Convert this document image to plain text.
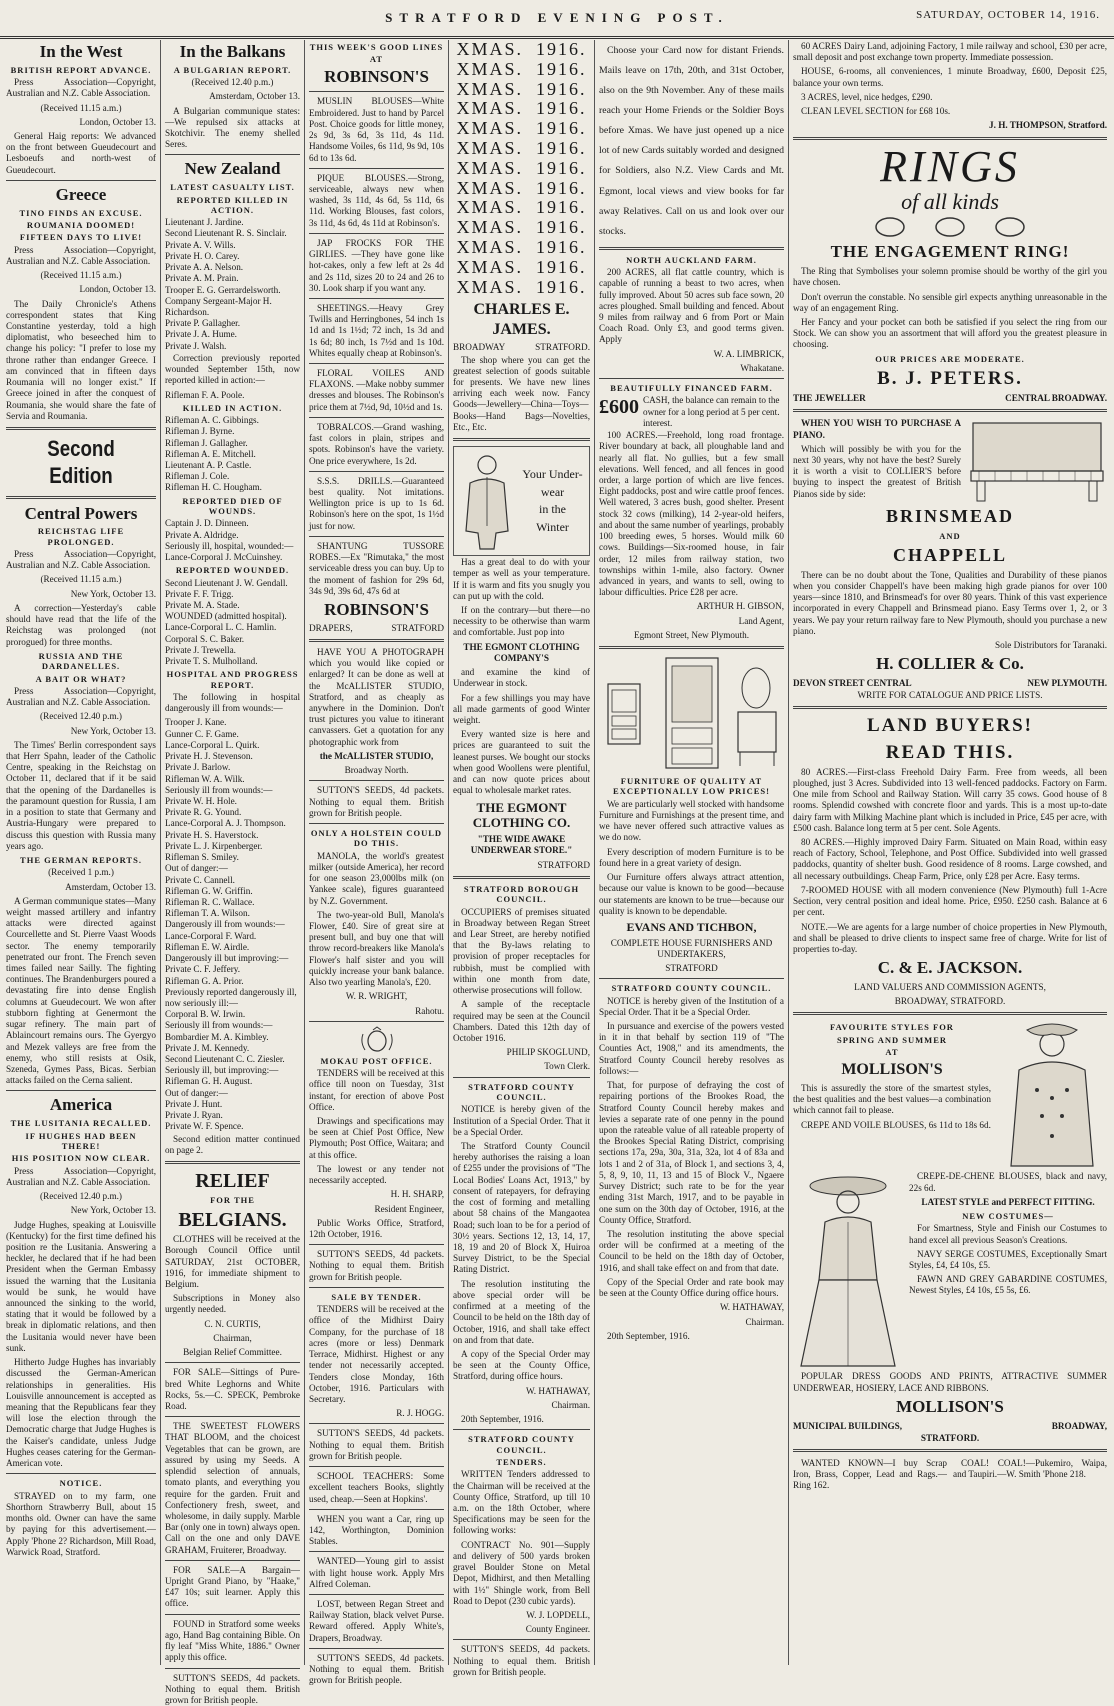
STRATFORD EVENING POST.	SATURDAY, OCTOBER 14, 1916.
In the West
BRITISH REPORT ADVANCE.

Press Association—Copyright, Australian and N.Z. Cable Association.

(Received 11.15 a.m.)

London, October 13.

General Haig reports: We advanced on the front between Gueudecourt and Lesboeufs and north-west of Gueudecourt.

Greece
TINO FINDS AN EXCUSE.
ROUMANIA DOOMED!
FIFTEEN DAYS TO LIVE!

Press Association—Copyright, Australian and N.Z. Cable Association.

(Received 11.15 a.m.)

London, October 13.

The Daily Chronicle's Athens correspondent states that King Constantine yesterday, told a high diplomatist, who beseeched him to change his policy: "I prefer to lose my throne rather than endanger Greece. I am convinced that in fifteen days Roumania will no longer exist." If Greece joined in after the conquest of Roumania, she would share the fate of Servia and Roumania.

Second Edition
Central Powers
REICHSTAG LIFE PROLONGED.

Press Association—Copyright, Australian and N.Z. Cable Association.

(Received 11.15 a.m.)

New York, October 13.

A correction—Yesterday's cable should have read that the life of the Reichstag was prolonged (not prorogued) for three months.

RUSSIA AND THE DARDANELLES.
A BAIT OR WHAT?

Press Association—Copyright, Australian and N.Z. Cable Association.

(Received 12.40 p.m.)

New York, October 13.

The Times' Berlin correspondent says that Herr Spahn, leader of the Catholic Centre, speaking in the Reichstag on October 11, declared that if it be said that the opening of the Dardanelles is the paramount question for Russia, I am in a position to state that Germany and Austria-Hungary were prepared to discuss this question with Russia many years ago.

THE GERMAN REPORTS.

(Received 1 p.m.)

Amsterdam, October 13.

A German communique states—Many weight massed artillery and infantry attacks were directed against Courcellette and St. Pierre Vaast Woods sector. The enemy temporarily penetrated our front. The French seven times failed near Sailly. The fighting continues. The Brandenburgers poured a devastating fire into dense English columns at Gueudecourt. We won after stubborn fighting at Genermont the sugar refinery. The main part of Ablaincourt remains ours. The Gyergyo and Mezek valleys are free from the enemy, who still resists at Osik, Szeneda, Gymes Pass, Bicas. Serbian attacks failed on the Cerna salient.

America
THE LUSITANIA RECALLED.
IF HUGHES HAD BEEN THERE!
HIS POSITION NOW CLEAR.

Press Association—Copyright, Australian and N.Z. Cable Association.

(Received 12.40 p.m.)

New York, October 13.

Judge Hughes, speaking at Louisville (Kentucky) for the first time defined his position re the Lusitania. Answering a heckler, he declared that if he had been President when the German Embassy issued the warning that the Lusitania would be sunk, he would have announced the sinking to the world, stating that it would be followed by a break in diplomatic relations, and then the Lusitania would never have been sunk.

Hitherto Judge Hughes has invariably discussed the German-American relationships in generalities. His Louisville announcement is accepted as meaning that the Republicans fear they will lose the election through the Democratic charge that Judge Hughes is the Kaiser's candidate, unless Judge Hughes ceases catering for the German-American vote.

NOTICE.

STRAYED on to my farm, one Shorthorn Strawberry Bull, about 15 months old. Owner can have the same by paying for this advertisement.—Apply 'Phone 2? Richardson, Mill Road, Warwick Road, Stratford.

In the Balkans
A BULGARIAN REPORT.

(Received 12.40 p.m.)

Amsterdam, October 13.

A Bulgarian communique states:—We repulsed six attacks at Skotchivir. The enemy shelled Seres.

New Zealand
LATEST CASUALTY LIST.
REPORTED KILLED IN ACTION.
Lieutenant J. Jardine.
Second Lieutenant R. S. Sinclair.
Private A. V. Wills.
Private H. O. Carey.
Private A. A. Nelson.
Private A. M. Prain.
Trooper E. G. Gerrardelsworth.
Company Sergeant-Major H. Richardson.
Private P. Gallagher.
Private J. A. Hume.
Private J. Walsh.

Correction previously reported wounded September 15th, now reported killed in action:—

Rifleman F. A. Poole.
KILLED IN ACTION.
Rifleman A. C. Gibbings.
Rifleman J. Byrne.
Rifleman J. Gallagher.
Rifleman A. E. Mitchell.
Lieutenant A. P. Castle.
Rifleman J. Cole.
Rifleman H. C. Hougham.
REPORTED DIED OF WOUNDS.
Captain J. D. Dinneen.
Private A. Aldridge.
Seriously ill, hospital, wounded:—
Lance-Corporal J. McCuinshey.
REPORTED WOUNDED.
Second Lieutenant J. W. Gendall.
Private F. F. Trigg.
Private M. A. Stade.
WOUNDED (admitted hospital).
Lance-Corporal L. C. Hamlin.
Corporal S. C. Baker.
Private J. Trewella.
Private T. S. Mulholland.
HOSPITAL AND PROGRESS REPORT.

The following in hospital dangerously ill from wounds:—

Trooper J. Kane.
Gunner C. F. Game.
Lance-Corporal L. Quirk.
Private H. J. Stevenson.
Private J. Barlow.
Rifleman W. A. Wilk.
Seriously ill from wounds:—
Private W. H. Hole.
Private R. G. Yound.
Lance-Corporal A. J. Thompson.
Private H. S. Haverstock.
Private L. J. Kirpenberger.
Rifleman S. Smiley.
Out of danger:—
Private C. Cannell.
Rifleman G. W. Griffin.
Rifleman R. C. Wallace.
Rifleman T. A. Wilson.
Dangerously ill from wounds:—
Lance-Corporal F. Ward.
Rifleman E. W. Airdle.
Dangerously ill but improving:—
Private C. F. Jeffery.
Rifleman G. A. Prior.
Previously reported dangerously ill, now seriously ill:—
Corporal B. W. Irwin.
Seriously ill from wounds:—
Bombardier M. A. Kimbley.
Private J. M. Kennedy.
Second Lieutenant C. C. Ziesler.
Seriously ill, but improving:—
Rifleman G. H. August.
Out of danger:—
Private J. Hunt.
Private J. Ryan.
Private W. F. Spence.

Second edition matter continued on page 2.

RELIEF
FOR THE
BELGIANS.

CLOTHES will be received at the Borough Council Office until SATURDAY, 21st OCTOBER, 1916, for immediate shipment to Belgium.

Subscriptions in Money also urgently needed.

C. N. CURTIS,

Chairman,

Belgian Relief Committee.

FOR SALE—Sittings of Pure-bred White Leghorns and White Rocks, 5s.—C. SPECK, Pembroke Road.

THE SWEETEST FLOWERS THAT BLOOM, and the choicest Vegetables that can be grown, are assured by using my Seeds. A splendid selection of annuals, tomato plants, and everything you require for the garden. Fruit and Confectionery fresh, sweet, and wholesome, in daily supply. Marble Bar (only one in town) always open. Call on the one and only DAVE GRAHAM, Fruiterer, Broadway.

FOR SALE—A Bargain—Upright Grand Piano, by "Haake," £47 10s; suit learner. Apply this office.

FOUND in Stratford some weeks ago, Hand Bag containing Bible. On fly leaf "Miss White, 1886." Owner apply this office.

SUTTON'S SEEDS, 4d packets. Nothing to equal them. British grown for British people.

THIS WEEK'S GOOD LINES
AT
ROBINSON'S

MUSLIN BLOUSES—White Embroidered. Just to hand by Parcel Post. Choice goods for little money, 2s 9d, 3s 6d, 3s 11d, 4s 11d. Handsome Voiles, 6s 11d, 9s 9d, 10s 6d to 13s 6d.

PIQUE BLOUSES.—Strong, serviceable, always new when washed, 3s 11d, 4s 6d, 5s 11d, 6s 11d. Working Blouses, fast colors, 3s 11d, 4s 6d, 4s 11d at Robinson's.

JAP FROCKS FOR THE GIRLIES. —They have gone like hot-cakes, only a few left at 2s 4d and 2s 11d, sizes 20 to 24 and 26 to 30. Look sharp if you want any.

SHEETINGS.—Heavy Grey Twills and Herringbones, 54 inch 1s 1d and 1s 1½d; 72 inch, 1s 3d and 1s 6d; 80 inch, 1s 7½d and 1s 10d. Whites equally cheap at Robinson's.

FLORAL VOILES AND FLAXONS. —Make nobby summer dresses and blouses. The Robinson's price them at 7½d, 9d, 10½d and 1s.

TOBRALCOS.—Grand washing, fast colors in plain, stripes and spots. Robinson's have the variety. One price everywhere, 1s 2d.

S.S.S. DRILLS.—Guaranteed best quality. Not imitations. Wellington price is up to 1s 6d. Robinson's here on the spot, 1s 1½d just for now.

SHANTUNG TUSSORE ROBES.—Ex "Rimutaka," the most serviceable dress you can buy. Up to the moment of fashion for 29s 6d, 34s 9d, 39s 6d, 47s 6d at

ROBINSON'S
DRAPERS,	STRATFORD

HAVE YOU A PHOTOGRAPH which you would like copied or enlarged? It can be done as well at the McALLISTER STUDIO, Stratford, and as cheaply as anywhere in the Dominion. Don't trust pictures you value to itinerant canvassers. Get a quotation for any photographic work from

the McALLISTER STUDIO,

Broadway North.

SUTTON'S SEEDS, 4d packets. Nothing to equal them. British grown for British people.

ONLY A HOLSTEIN COULD DO THIS.

MANOLA, the world's greatest milker (outside America), her record for one season 23,000lbs milk (on Yankee scale), figures guaranteed by N.Z. Government.

The two-year-old Bull, Manola's Flower, £40. Sire of great sire at present bull, and buy one that will throw record-breakers like Manola's Flower's half sister and you will quickly increase your bank balance. Also two yearling Manola's, £20.

W. R. WRIGHT,

Rahotu.

MOKAU POST OFFICE.

TENDERS will be received at this office till noon on Tuesday, 31st instant, for erection of above Post Office.

Drawings and specifications may be seen at Chief Post Office, New Plymouth; Post Office, Waitara; and at this office.

The lowest or any tender not necessarily accepted.

H. H. SHARP,

Resident Engineer,

Public Works Office, Stratford, 12th October, 1916.

SUTTON'S SEEDS, 4d packets. Nothing to equal them. British grown for British people.

SALE BY TENDER.

TENDERS will be received at the office of the Midhirst Dairy Company, for the purchase of 18 acres (more or less) Denmark Terrace, Midhirst. Highest or any tender not necessarily accepted. Tenders close Monday, 16th October, 1916. Particulars with Secretary.

R. J. HOGG.

SUTTON'S SEEDS, 4d packets. Nothing to equal them. British grown for British people.

SCHOOL TEACHERS: Some excellent teachers Books, slightly used, cheap.—Seen at Hopkins'.

WHEN you want a Car, ring up 142, Worthington, Dominion Stables.

WANTED—Young girl to assist with light house work. Apply Mrs Alfred Coleman.

LOST, between Regan Street and Railway Station, black velvet Purse. Reward offered. Apply White's, Drapers, Broadway.

SUTTON'S SEEDS, 4d packets. Nothing to equal them. British grown for British people.

XMAS.  1916.
XMAS.  1916.
XMAS.  1916.
XMAS.  1916.
XMAS.  1916.
XMAS.  1916.
XMAS.  1916.
XMAS.  1916.
XMAS.  1916.
XMAS.  1916.
XMAS.  1916.
XMAS.  1916.
XMAS.  1916.
CHARLES E. JAMES.
BROADWAY	STRATFORD.

The shop where you can get the greatest selection of goods suitable for presents. We have new lines arriving each week now. Fancy Goods—Jewellery—China—Toys—Books—Hand Bags—Novelties, Etc., Etc.

Your Under-
wear
in the
Winter

Has a great deal to do with your temper as well as your temperature. If it is warm and fits you snugly you can put up with the cold.

If on the contrary—but there—no necessity to be otherwise than warm and comfortable. Just pop into

THE EGMONT CLOTHING COMPANY'S

and examine the kind of Underwear in stock.

For a few shillings you may have all made garments of good Winter weight.

Every wanted size is here and prices are guaranteed to suit the leanest purses. We bought our stocks when good Woollens were plentiful, and can now quote prices about equal to wholesale market rates.

THE EGMONT CLOTHING CO.

"THE WIDE AWAKE UNDERWEAR STORE."

STRATFORD

STRATFORD BOROUGH COUNCIL.

OCCUPIERS of premises situated in Broadway between Regan Street and Lear Street, are hereby notified that the By-laws relating to provision of proper receptacles for rubbish, must be complied with within one month from date, otherwise prosecutions will follow.

A sample of the receptacle required may be seen at the Council Chambers. Dated this 12th day of October 1916.

PHILIP SKOGLUND,

Town Clerk.

STRATFORD COUNTY COUNCIL.

NOTICE is hereby given of the Institution of a Special Order. That it be a Special Order.

The Stratford County Council hereby authorises the raising a loan of £255 under the provisions of "The Local Bodies' Loans Act, 1913," by consent of ratepayers, for defraying the cost of forming and metalling about 58 chains of the Mangaotea Road; such loan to be for a period of 30½ years. Sections 12, 13, 14, 17, 18, 19 and 20 of Block X, Huiroa Survey District, to be the Special Rating District.

The resolution instituting the above special order will be confirmed at a meeting of the Council to be held on the 18th day of October, 1916, and shall take effect on and from that date.

A copy of the Special Order may be seen at the County Office, Stratford, during office hours.

W. HATHAWAY,

Chairman.

20th September, 1916.

STRATFORD COUNTY COUNCIL.
TENDERS.

WRITTEN Tenders addressed to the Chairman will be received at the County Office, Stratford, up till 10 a.m. on the 18th October, where Specifications may be seen for the following works:

CONTRACT No. 901—Supply and delivery of 500 yards broken gravel Boulder Stone on Metal Depot, Midhirst, and then Metalling with 1½" Shingle work, from Bell Road to Depot (230 cubic yards).

W. J. LOPDELL,

County Engineer.

SUTTON'S SEEDS, 4d packets. Nothing to equal them. British grown for British people.

Choose your Card now for distant Friends. Mails leave on 17th, 20th, and 31st October, also on the 9th November. Any of these mails reach your Home Friends or the Soldier Boys before Xmas. We have just opened up a nice lot of new Cards suitably worded and designed for Soldiers, also N.Z. View Cards and Mt. Egmont, local views and view books for far away Relatives. Call on us and look over our stocks.

NORTH AUCKLAND FARM.

200 ACRES, all flat cattle country, which is capable of running a beast to two acres, when fully improved. About 50 acres sub face sown, 20 acres ploughed. Small building and fenced. About 9 miles from railway and 6 from Port or Main Coach Road. Only £3, and good terms given. Apply

W. A. LIMBRICK,

Whakatane.

BEAUTIFULLY FINANCED FARM.
£600 CASH, the balance can remain to the owner for a long period at 5 per cent. interest.

100 ACRES.—Freehold, long road frontage. River boundary at back, all ploughable land and nearly all flat. No gullies, but a few small elevations. Well fenced, and all fences in good order, a large portion of which are live fences. Eight paddocks, post and wire cattle proof fences. Well watered, 3 acres bush, good shelter. Present stock 32 cows (milking), 14 2-year-old heifers, and about the same number of yearlings, probably 100 breeding ewes, 5 horses. Would milk 60 cows. Buildings—Six-roomed house, in fair order, 12 miles from railway station, two townships within 1-mile, also factory. Owner advanced in years, and wants to sell, owing to labour difficulties. Price £28 per acre.

ARTHUR H. GIBSON,

Land Agent,

Egmont Street, New Plymouth.

FURNITURE OF QUALITY AT EXCEPTIONALLY LOW PRICES!

We are particularly well stocked with handsome Furniture and Furnishings at the present time, and we have never offered such attractive values as we do now.

Every description of modern Furniture is to be found here in a great variety of design.

Our Furniture offers always attract attention, because our value is known to be good—because our statements are known to be true—because our quality is known to be dependable.

EVANS AND TICHBON,

COMPLETE HOUSE FURNISHERS AND UNDERTAKERS,

STRATFORD

STRATFORD COUNTY COUNCIL.

NOTICE is hereby given of the Institution of a Special Order. That it be a Special Order.

In pursuance and exercise of the powers vested in it in that behalf by section 119 of "The Counties Act, 1908," and its amendments, the Stratford County Council hereby resolves as follows:—

That, for purpose of defraying the cost of repairing portions of the Brookes Road, the Stratford County Council hereby makes and levies a separate rate of one penny in the pound upon the rateable value of all rateable property of the Brookes Special Rating District, comprising sections 17a, 29a, 30a, 31a, 32a, lot 4 of 83a and lots 1 and 2 of 31a, of Block 1, and sections 3, 4, 5, 8, 9, 10, 11, 13 and 15 of Block V., Ngaere Survey District; such rate to be for the year ending 31st March, 1917, and to be payable in one sum on the 30th day of October, 1916, at the County Office, Stratford.

The resolution instituting the above special order will be confirmed at a meeting of the Council to be held on the 18th day of October, 1916, and shall take effect on and from that date.

Copy of the Special Order and rate book may be seen at the County Office during office hours.

W. HATHAWAY,

Chairman.

20th September, 1916.

60 ACRES Dairy Land, adjoining Factory, 1 mile railway and school, £30 per acre, small deposit and post exchange town property. Immediate possession.

HOUSE, 6-rooms, all conveniences, 1 minute Broadway, £600, Deposit £25, balance your own terms.

3 ACRES, level, nice hedges, £290.

CLEAN LEVEL SECTION for £68 10s.

J. H. THOMPSON, Stratford.

RINGS
of all kinds
THE ENGAGEMENT RING!

The Ring that Symbolises your solemn promise should be worthy of the girl you have chosen.

Don't overrun the constable. No sensible girl expects anything unreasonable in the way of an engagement Ring.

Her Fancy and your pocket can both be satisfied if you select the ring from our Stock. We can show you an assortment that will afford you the greatest pleasure in choosing.

OUR PRICES ARE MODERATE.
B. J. PETERS.
THE JEWELLER	CENTRAL BROADWAY.

WHEN YOU WISH TO PURCHASE A PIANO.

Which will possibly be with you for the next 30 years, why not have the best? Surely it is worth a visit to COLLIER'S before buying to inspect the greatest of British Pianos side by side:

BRINSMEAD
AND
CHAPPELL

There can be no doubt about the Tone, Qualities and Durability of these pianos when you consider Chappell's have been making high grade pianos for over 100 years—since 1810, and Brinsmead's for over 80 years. Think of this vast experience incorporated in every Chappell and Brinsmead piano. Easy Terms over 1, 2, or 3 years. We pay your return railway fare to New Plymouth, should you purchase a new piano.

Sole Distributors for Taranaki.

H. COLLIER & Co.
DEVON STREET CENTRAL	NEW PLYMOUTH.

WRITE FOR CATALOGUE AND PRICE LISTS.

LAND BUYERS!
READ THIS.

80 ACRES.—First-class Freehold Dairy Farm. Free from weeds, all been ploughed, just 3 Acres. Subdivided into 13 well-fenced paddocks. Factory on Farm. One mile from School and Railway Station. Will carry 35 cows. Good house of 8 rooms. Splendid cowshed with concrete floor and yards. This is a most up-to-date dairy farm with Milking Machine plant which is included in Price, £45 per acre, with £500 cash. Balance long term at 5 per cent. Sole Agents.

80 ACRES.—Highly improved Dairy Farm. Situated on Main Road, within easy reach of Factory, School, Telephone, and Post Office. Subdivided into well grassed paddocks, quantity of shelter bush. Good residence of 8 rooms. Large cowshed, and all necessary outbuildings. Cheap Farm, Price, only £28 per Acre. Easy terms.

7-ROOMED HOUSE with all modern convenience (New Plymouth) full 1-Acre Section, very central position and ideal home. Price, £950. £250 cash. Balance at 6 per cent.

NOTE.—We are agents for a large number of choice properties in New Plymouth, and shall be pleased to drive clients to inspect same free of charge. Write for list of properties to-day.

C. & E. JACKSON.

LAND VALUERS AND COMMISSION AGENTS,

BROADWAY, STRATFORD.

FAVOURITE STYLES FOR
SPRING AND SUMMER
AT
MOLLISON'S

This is assuredly the store of the smartest styles, the best qualities and the best values—a combination which cannot fail to please.

CREPE AND VOILE BLOUSES, 6s 11d to 18s 6d.

CREPE-DE-CHENE BLOUSES, black and navy, 22s 6d.

LATEST STYLE and PERFECT FITTING.

NEW COSTUMES—

For Smartness, Style and Finish our Costumes to hand excel all previous Season's Creations.

NAVY SERGE COSTUMES, Exceptionally Smart Styles, £4, £4 10s, £5.

FAWN AND GREY GABARDINE COSTUMES, Newest Styles, £4 10s, £5 5s, £6.

POPULAR DRESS GOODS AND PRINTS, ATTRACTIVE SUMMER UNDERWEAR, HOSIERY, LACE AND RIBBONS.

MOLLISON'S
MUNICIPAL BUILDINGS,	BROADWAY,

STRATFORD.

WANTED KNOWN—I buy Scrap Iron, Brass, Copper, Lead and Rags.—Ring 162.

COAL! COAL!—Pukemiro, Waipa, and Taupiri.—W. Smith 'Phone 218.
